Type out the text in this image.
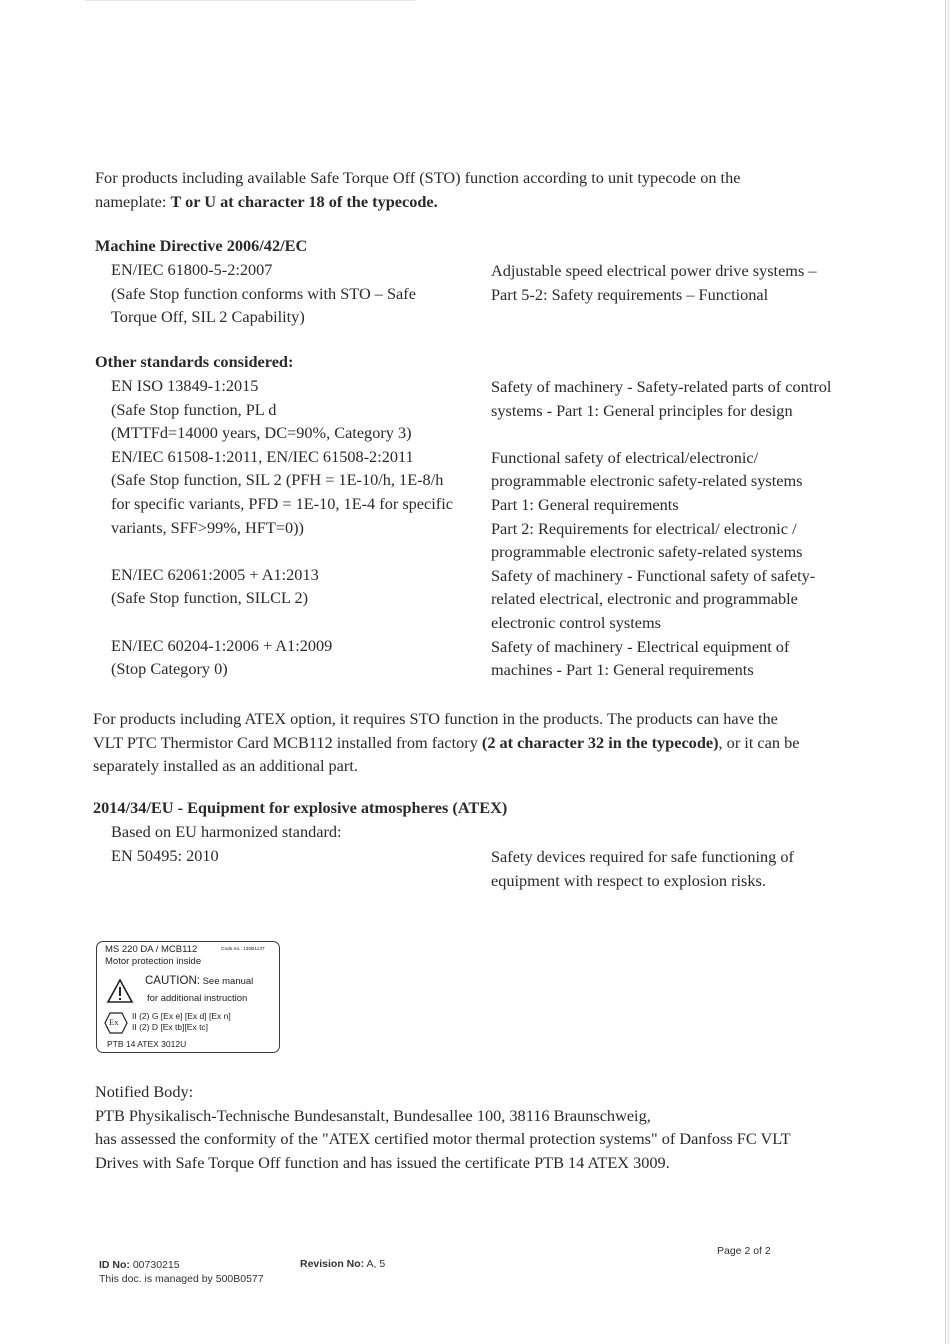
For products including available Safe Torque Off (STO) function according to unit typecode on the
nameplate: T or U at character 18 of the typecode.
Machine Directive 2006/42/EC
EN/IEC 61800-5-2:2007
(Safe Stop function conforms with STO – Safe
Torque Off, SIL 2 Capability)
Adjustable speed electrical power drive systems –
Part 5-2: Safety requirements – Functional
Other standards considered:
EN ISO 13849-1:2015
(Safe Stop function, PL d
(MTTFd=14000 years, DC=90%, Category 3)
EN/IEC 61508-1:2011, EN/IEC 61508-2:2011
(Safe Stop function, SIL 2 (PFH = 1E-10/h, 1E-8/h
for specific variants, PFD = 1E-10, 1E-4 for specific
variants, SFF>99%, HFT=0))
EN/IEC 62061:2005 + A1:2013
(Safe Stop function, SILCL 2)
EN/IEC 60204-1:2006 + A1:2009
(Stop Category 0)
Safety of machinery - Safety-related parts of control
systems - Part 1: General principles for design
Functional safety of electrical/electronic/
programmable electronic safety-related systems
Part 1: General requirements
Part 2: Requirements for electrical/ electronic /
programmable electronic safety-related systems
Safety of machinery - Functional safety of safety-
related electrical, electronic and programmable
electronic control systems
Safety of machinery - Electrical equipment of
machines - Part 1: General requirements
For products including ATEX option, it requires STO function in the products. The products can have the
VLT PTC Thermistor Card MCB112 installed from factory (2 at character 32 in the typecode), or it can be
separately installed as an additional part.
2014/34/EU - Equipment for explosive atmospheres (ATEX)
Based on EU harmonized standard:
EN 50495: 2010	Safety devices required for safe functioning of
equipment with respect to explosion risks.
MS 220 DA / MCB112	Code no.: 130B1137
Motor protection inside
CAUTION: See manual
for additional instruction
Ex
II (2) G [Ex e] [Ex d] [Ex n]
II (2) D [Ex tb][Ex tc]
PTB 14 ATEX 3012U
Notified Body:
PTB Physikalisch-Technische Bundesanstalt, Bundesallee 100, 38116 Braunschweig,
has assessed the conformity of the "ATEX certified motor thermal protection systems" of Danfoss FC VLT
Drives with Safe Torque Off function and has issued the certificate PTB 14 ATEX 3009.
ID No: 00730215
This doc. is managed by 500B0577
Revision No: A, 5
Page 2 of 2
